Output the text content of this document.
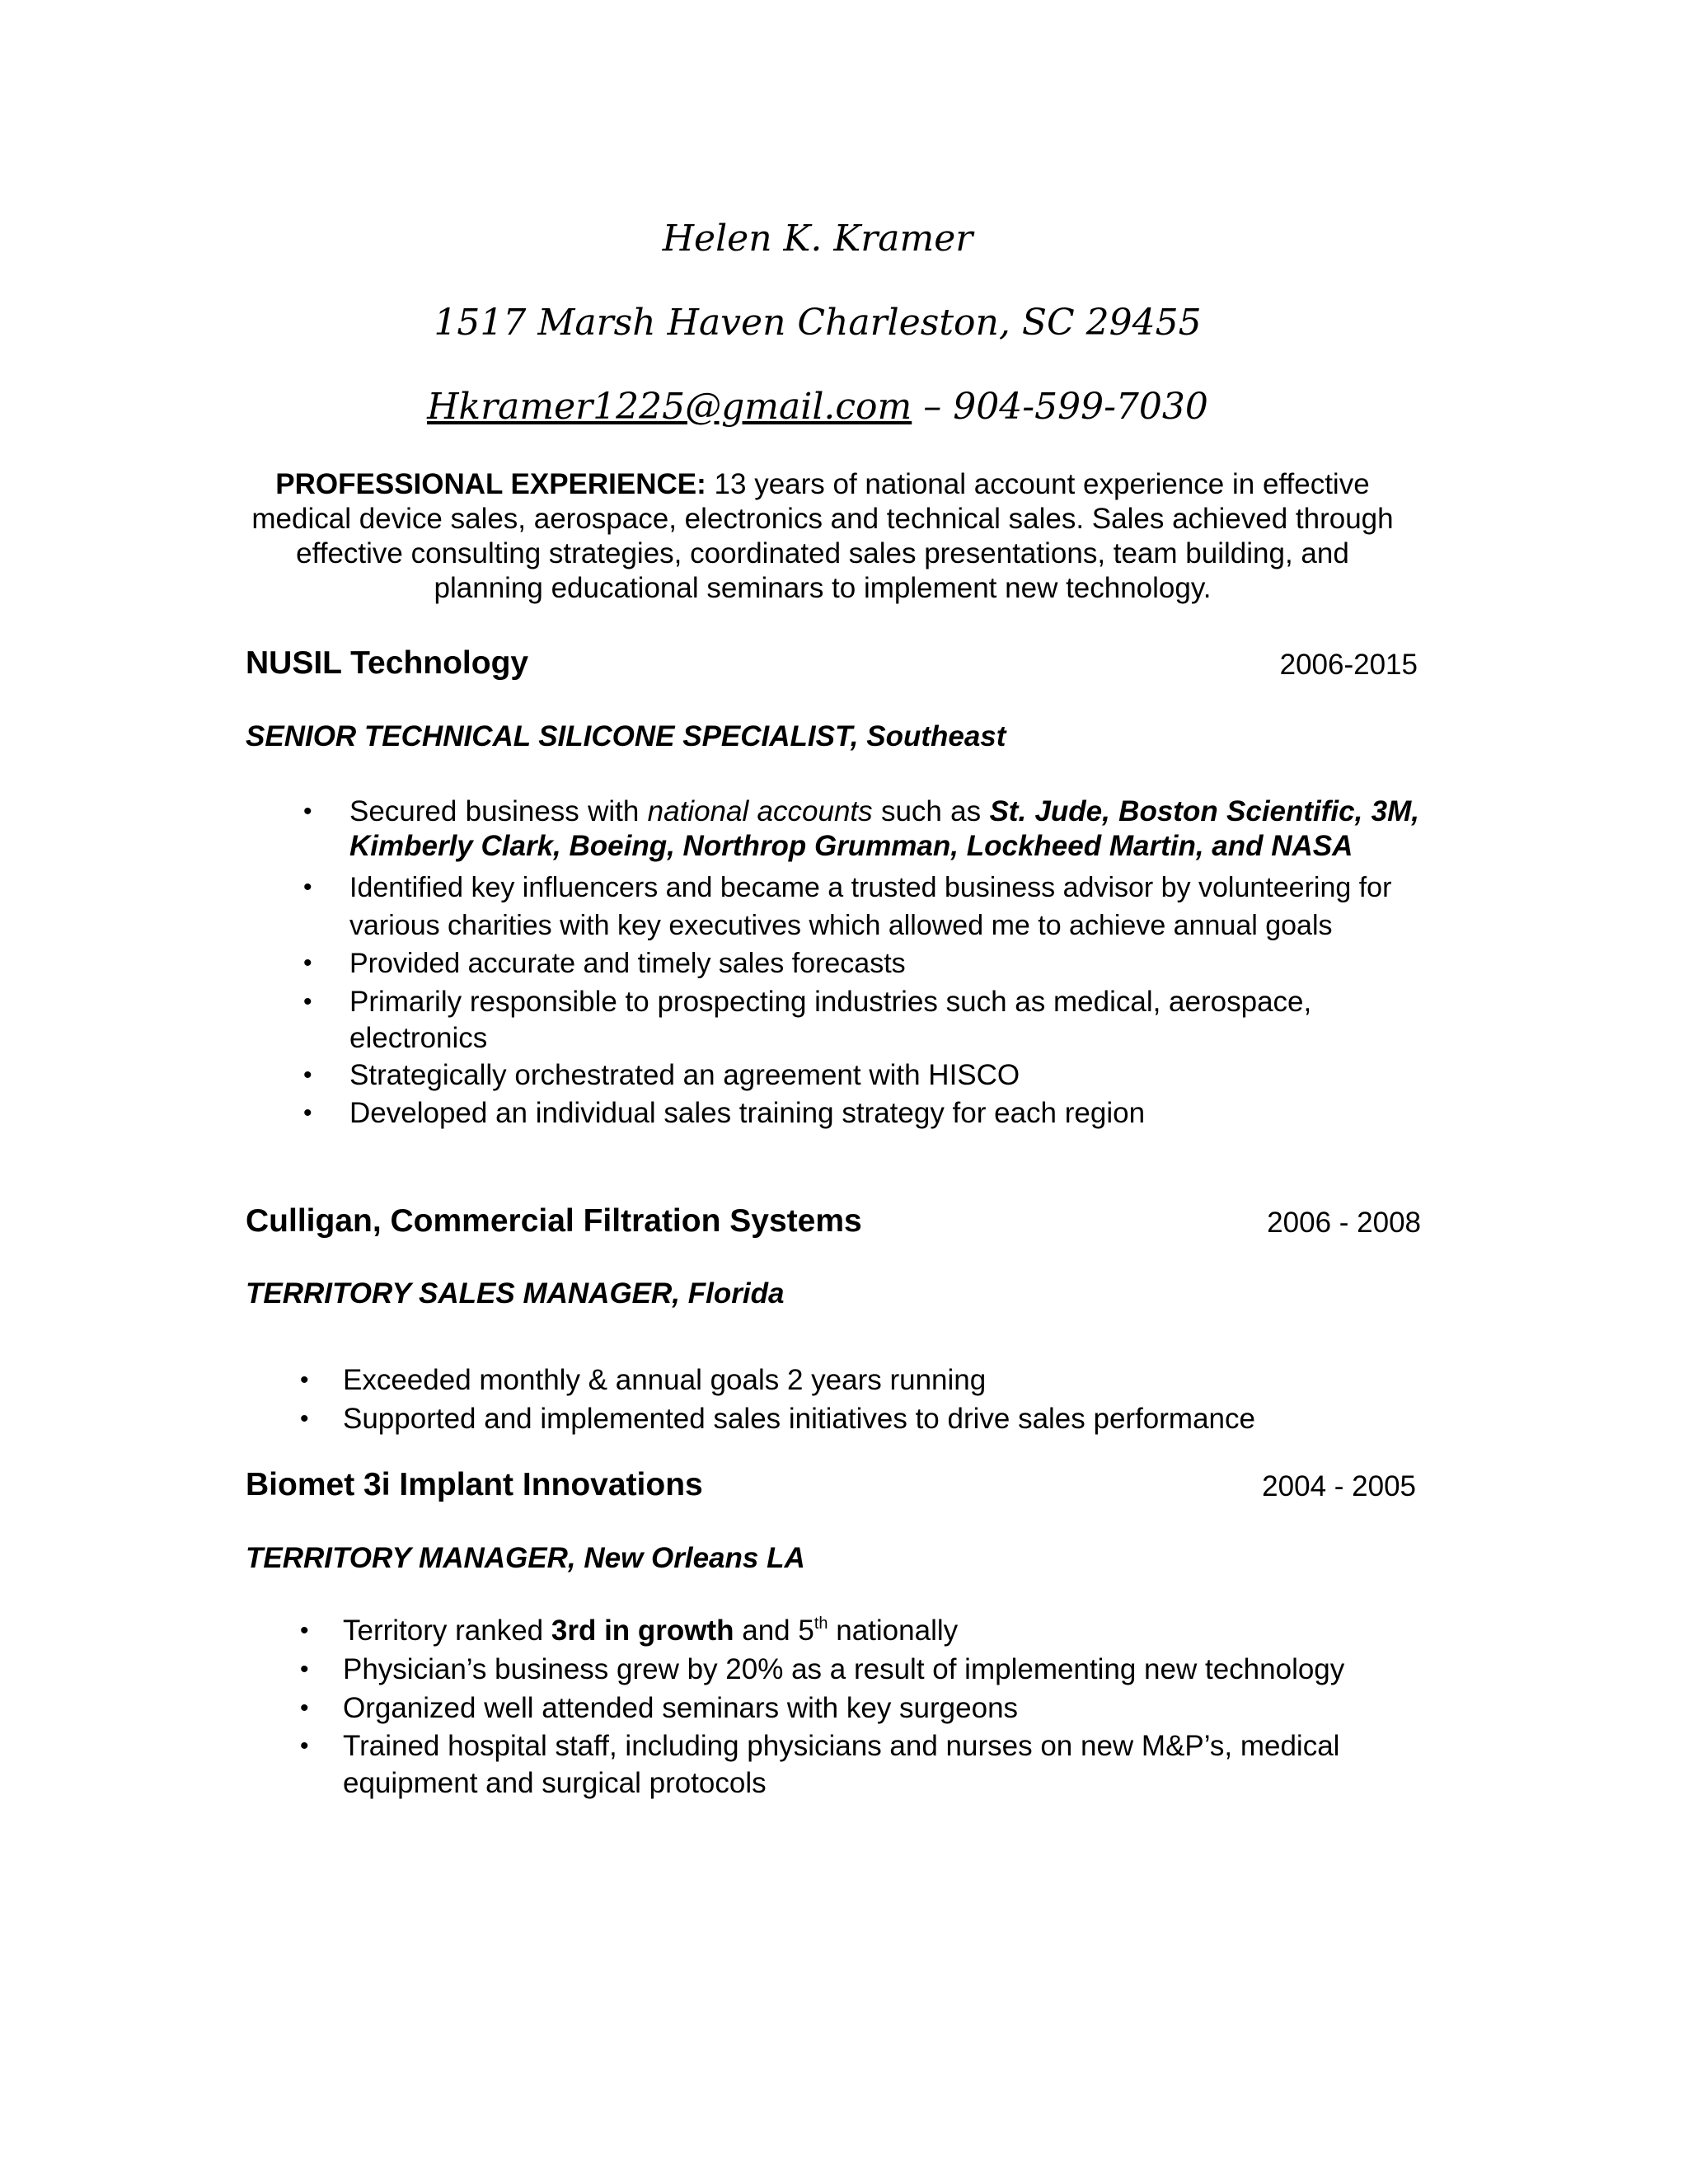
Helen K. Kramer
1517 Marsh Haven Charleston, SC 29455
Hkramer1225@gmail.com – 904-599-7030
PROFESSIONAL EXPERIENCE: 13 years of national account experience in effective medical device sales, aerospace, electronics and technical sales. Sales achieved through effective consulting strategies, coordinated sales presentations, team building, and planning educational seminars to implement new technology.
NUSIL Technology	2006-2015
SENIOR TECHNICAL SILICONE SPECIALIST, Southeast
• Secured business with national accounts such as St. Jude, Boston Scientific, 3M, Kimberly Clark, Boeing, Northrop Grumman, Lockheed Martin, and NASA
• Identified key influencers and became a trusted business advisor by volunteering for various charities with key executives which allowed me to achieve annual goals
• Provided accurate and timely sales forecasts
• Primarily responsible to prospecting industries such as medical, aerospace, electronics
• Strategically orchestrated an agreement with HISCO
• Developed an individual sales training strategy for each region
Culligan, Commercial Filtration Systems	2006 - 2008
TERRITORY SALES MANAGER, Florida
• Exceeded monthly & annual goals 2 years running
• Supported and implemented sales initiatives to drive sales performance
Biomet 3i Implant Innovations	2004 - 2005
TERRITORY MANAGER, New Orleans LA
• Territory ranked 3rd in growth and 5th nationally
• Physician’s business grew by 20% as a result of implementing new technology
• Organized well attended seminars with key surgeons
• Trained hospital staff, including physicians and nurses on new M&P’s, medical equipment and surgical protocols
